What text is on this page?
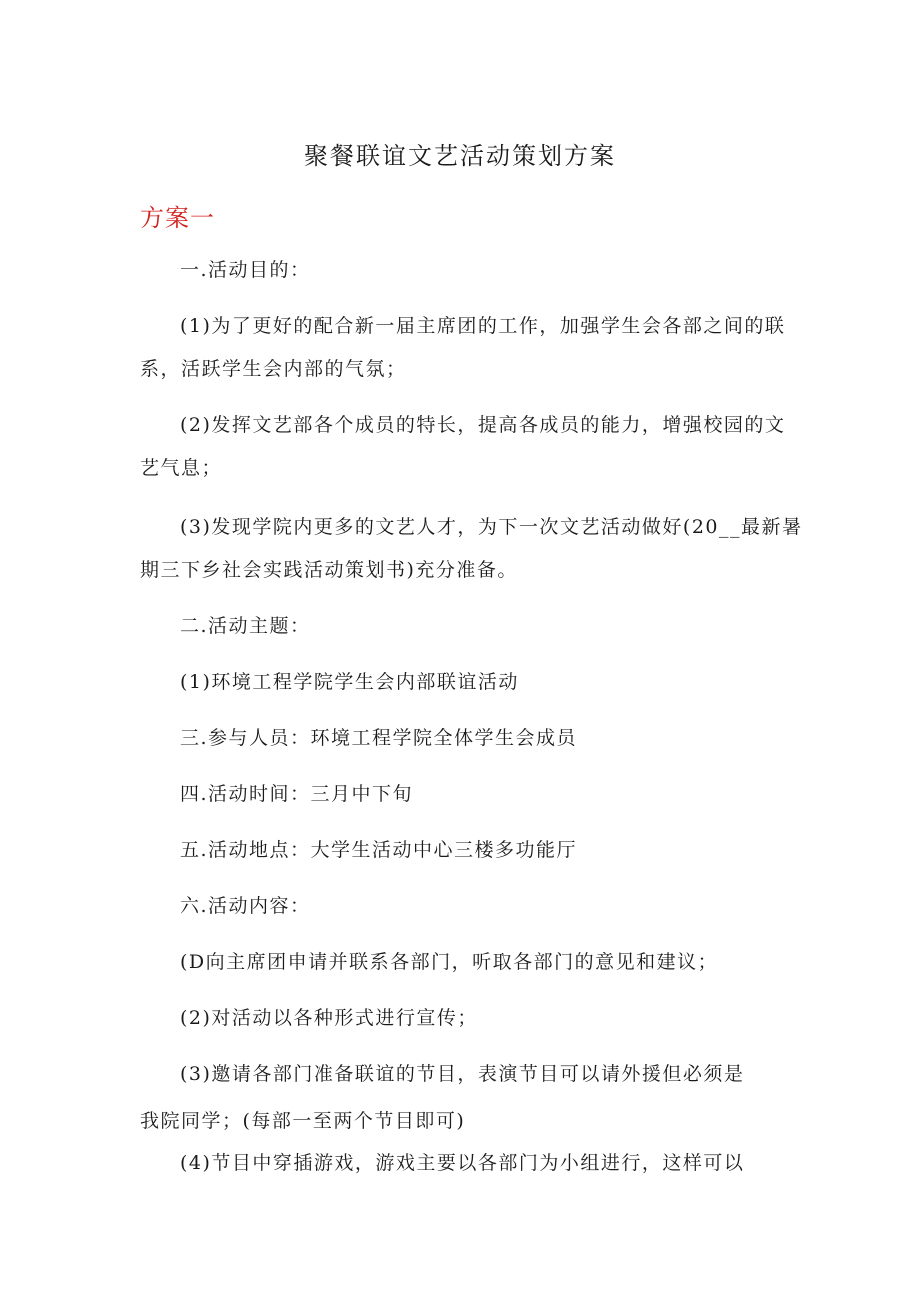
聚餐联谊文艺活动策划方案
方案一
一.活动目的：
(1)为了更好的配合新一届主席团的工作，加强学生会各部之间的联
系，活跃学生会内部的气氛；
(2)发挥文艺部各个成员的特长，提高各成员的能力，增强校园的文
艺气息；
(3)发现学院内更多的文艺人才，为下一次文艺活动做好(20__最新暑
期三下乡社会实践活动策划书)充分准备。
二.活动主题：
(1)环境工程学院学生会内部联谊活动
三.参与人员：环境工程学院全体学生会成员
四.活动时间：三月中下旬
五.活动地点：大学生活动中心三楼多功能厅
六.活动内容：
(D向主席团申请并联系各部门，听取各部门的意见和建议；
(2)对活动以各种形式进行宣传；
(3)邀请各部门准备联谊的节目，表演节目可以请外援但必须是
我院同学；(每部一至两个节目即可)
(4)节目中穿插游戏，游戏主要以各部门为小组进行，这样可以
